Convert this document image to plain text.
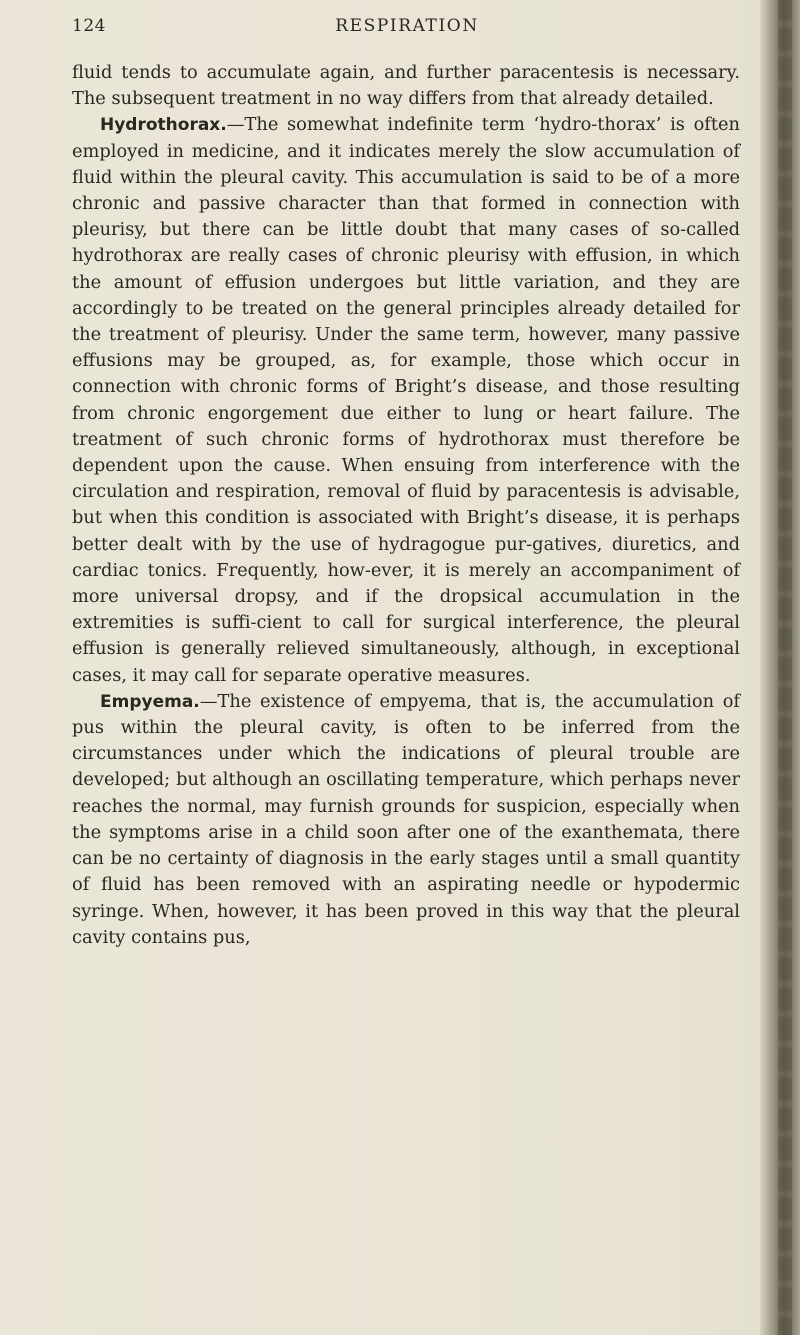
124	RESPIRATION

fluid tends to accumulate again, and further paracentesis is necessary. The subsequent treatment in no way differs from that already detailed.

Hydrothorax.—The somewhat indefinite term ‘hydro-thorax’ is often employed in medicine, and it indicates merely the slow accumulation of fluid within the pleural cavity. This accumulation is said to be of a more chronic and passive character than that formed in connection with pleurisy, but there can be little doubt that many cases of so-called hydrothorax are really cases of chronic pleurisy with effusion, in which the amount of effusion undergoes but little variation, and they are accordingly to be treated on the general principles already detailed for the treatment of pleurisy. Under the same term, however, many passive effusions may be grouped, as, for example, those which occur in connection with chronic forms of Bright’s disease, and those resulting from chronic engorgement due either to lung or heart failure. The treatment of such chronic forms of hydrothorax must therefore be dependent upon the cause. When ensuing from interference with the circulation and respiration, removal of fluid by paracentesis is advisable, but when this condition is associated with Bright’s disease, it is perhaps better dealt with by the use of hydragogue pur-gatives, diuretics, and cardiac tonics. Frequently, how-ever, it is merely an accompaniment of more universal dropsy, and if the dropsical accumulation in the extremities is suffi-cient to call for surgical interference, the pleural effusion is generally relieved simultaneously, although, in exceptional cases, it may call for separate operative measures.

Empyema.—The existence of empyema, that is, the accumulation of pus within the pleural cavity, is often to be inferred from the circumstances under which the indications of pleural trouble are developed; but although an oscillating temperature, which perhaps never reaches the normal, may furnish grounds for suspicion, especially when the symptoms arise in a child soon after one of the exanthemata, there can be no certainty of diagnosis in the early stages until a small quantity of fluid has been removed with an aspirating needle or hypodermic syringe. When, however, it has been proved in this way that the pleural cavity contains pus,
